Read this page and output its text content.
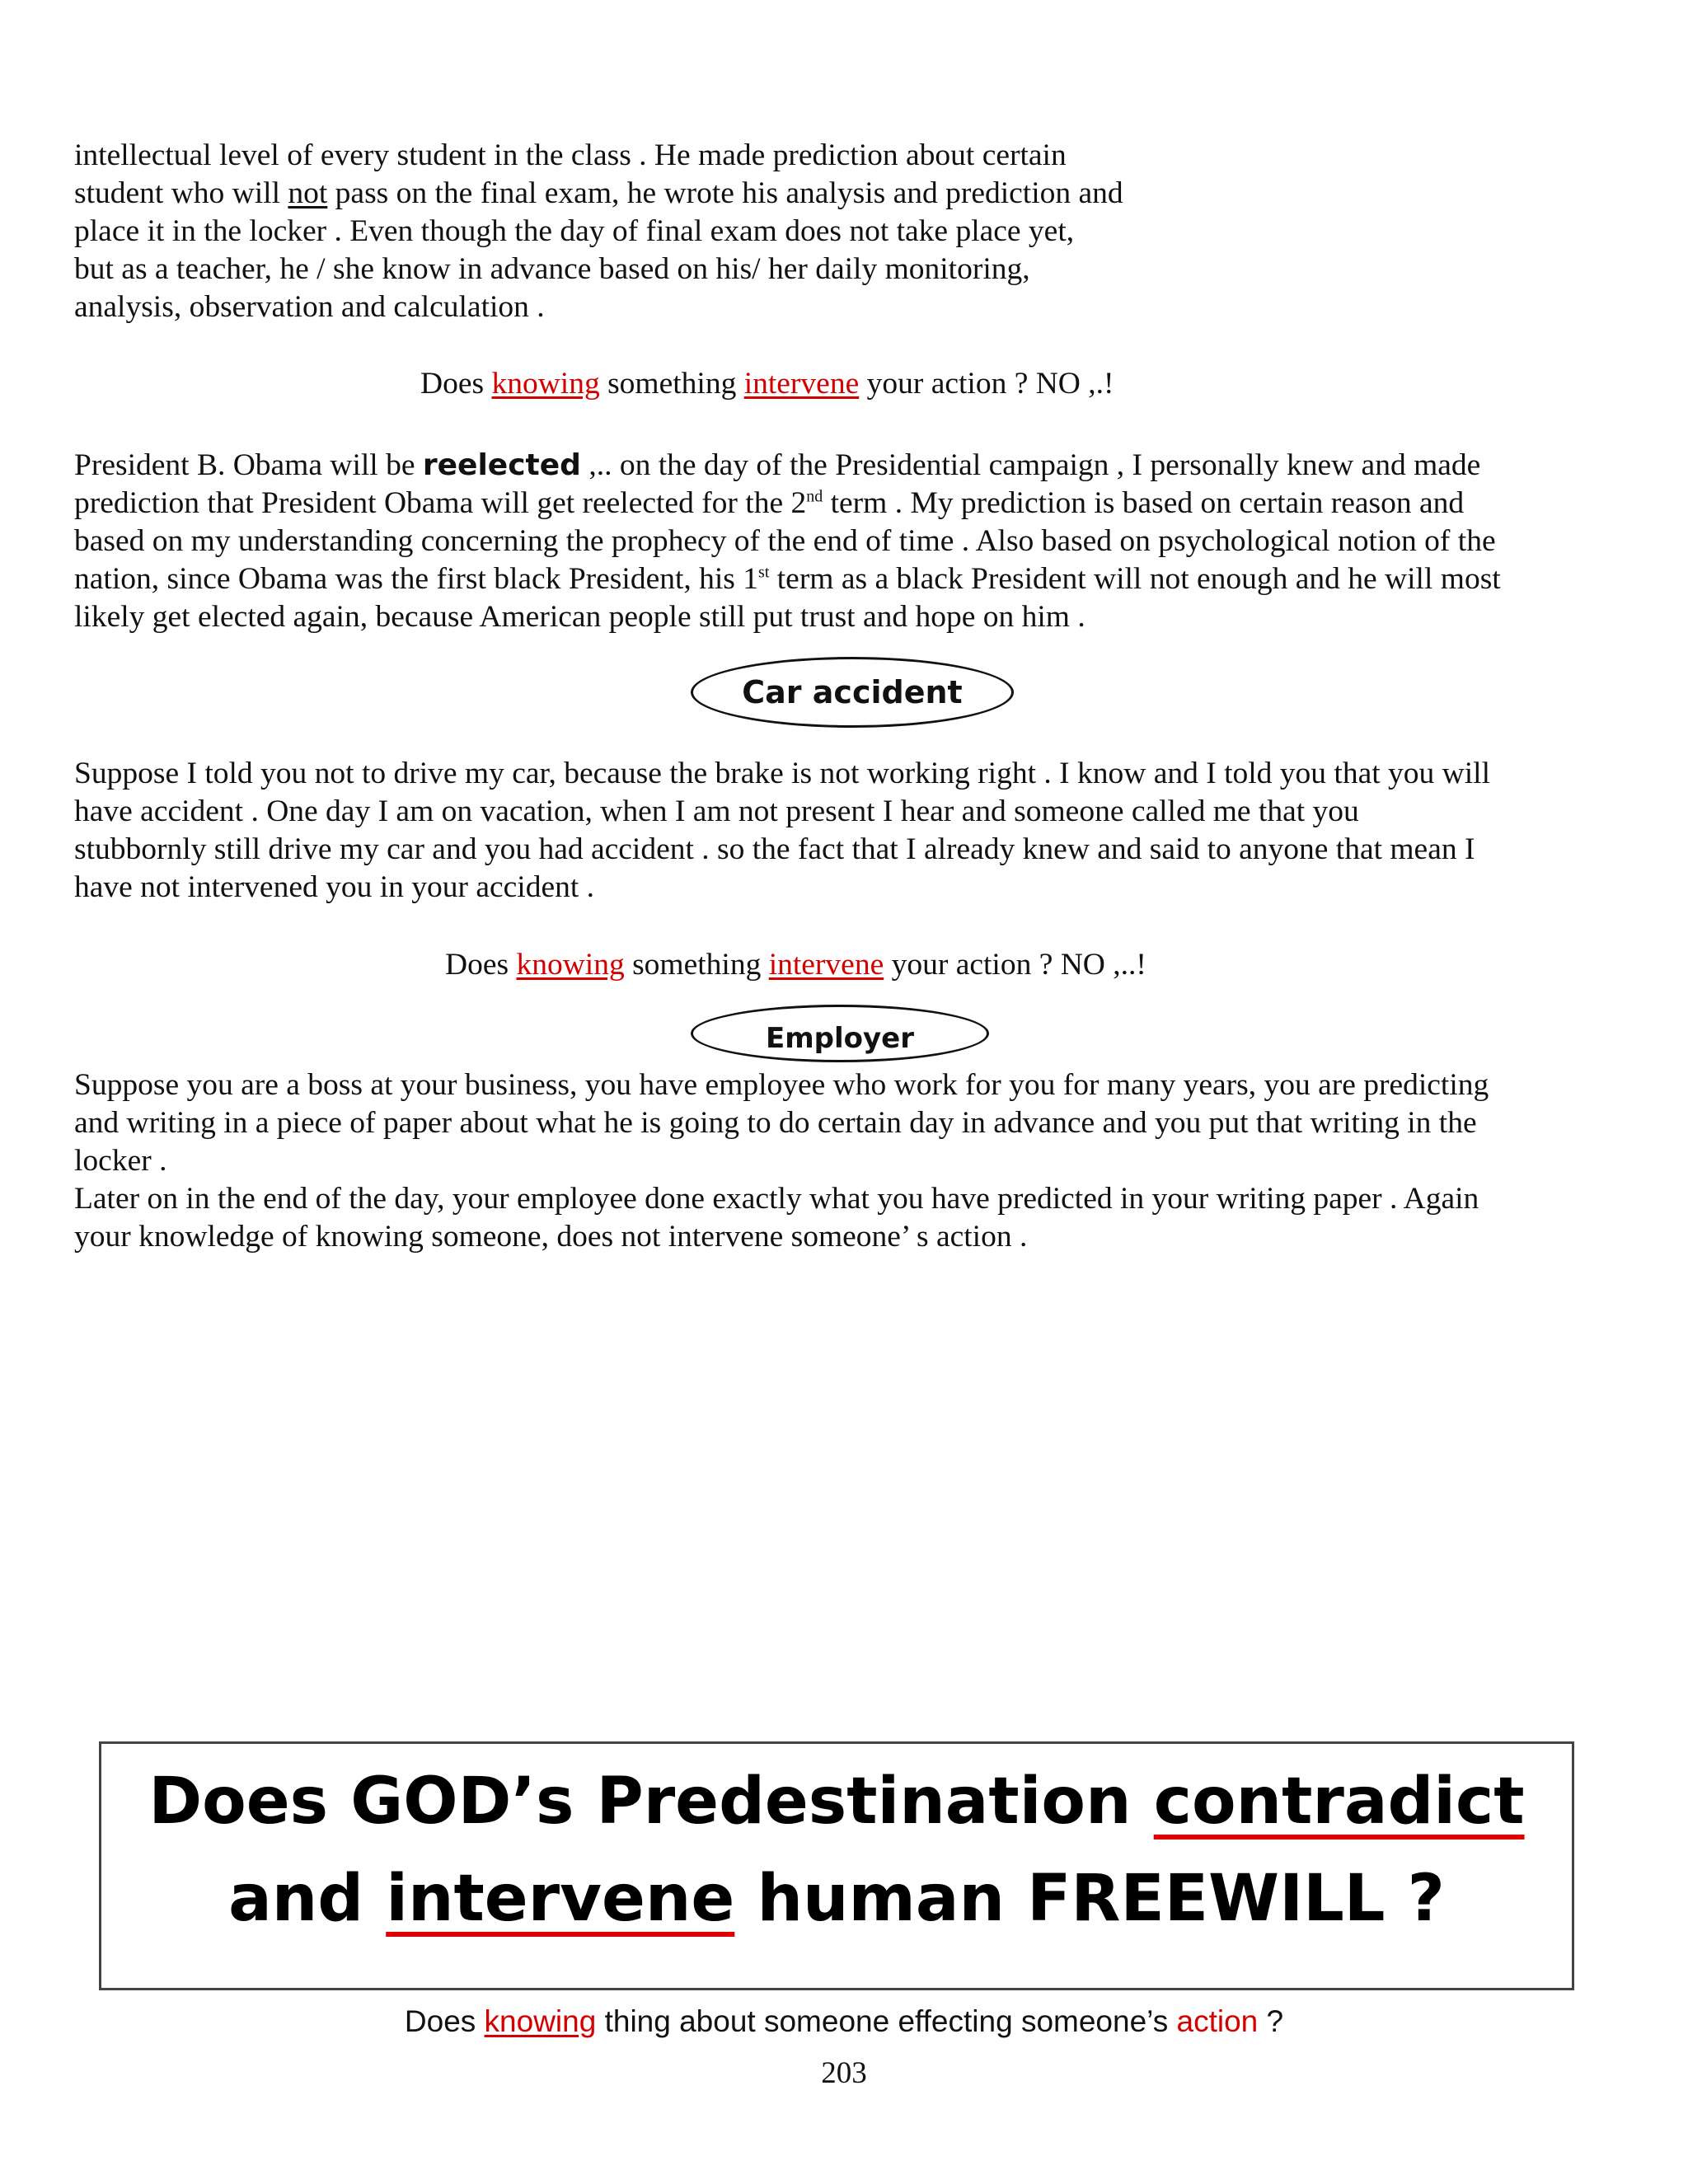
intellectual level of every student in the class . He made prediction about certain

student who will not pass on the final exam, he wrote his analysis and prediction and

place it in the locker . Even though the day of final exam does not take place yet,

but as a teacher, he / she know in advance based on his/ her daily monitoring,

analysis, observation and calculation .

Does knowing something intervene your action ? NO ,.!

President B. Obama will be reelected ,.. on the day of the Presidential campaign , I personally knew and made

prediction that President Obama will get reelected for the 2nd term . My prediction is based on certain reason and

based on my understanding concerning the prophecy of the end of time . Also based on psychological notion of the

nation, since Obama was the first black President, his 1st term as a black President will not enough and he will most

likely get elected again, because American people still put trust and hope on him .

Car accident

Suppose I told you not to drive my car, because the brake is not working right . I know and I told you that you will

have accident . One day I am on vacation, when I am not present I hear and someone called me that you

stubbornly still drive my car and you had accident . so the fact that I already knew and said to anyone that mean I

have not intervened you in your accident .

Does knowing something intervene your action ? NO ,..!
Employer

Suppose you are a boss at your business, you have employee who work for you for many years, you are predicting

and writing in a piece of paper about what he is going to do certain day in advance and you put that writing in the

locker .

Later on in the end of the day, your employee done exactly what you have predicted in your writing paper . Again

your knowledge of knowing someone, does not intervene someone’ s action .

Does GOD’s Predestination contradict
and intervene human FREEWILL ?
Does knowing thing about someone effecting someone’s action ?
203
